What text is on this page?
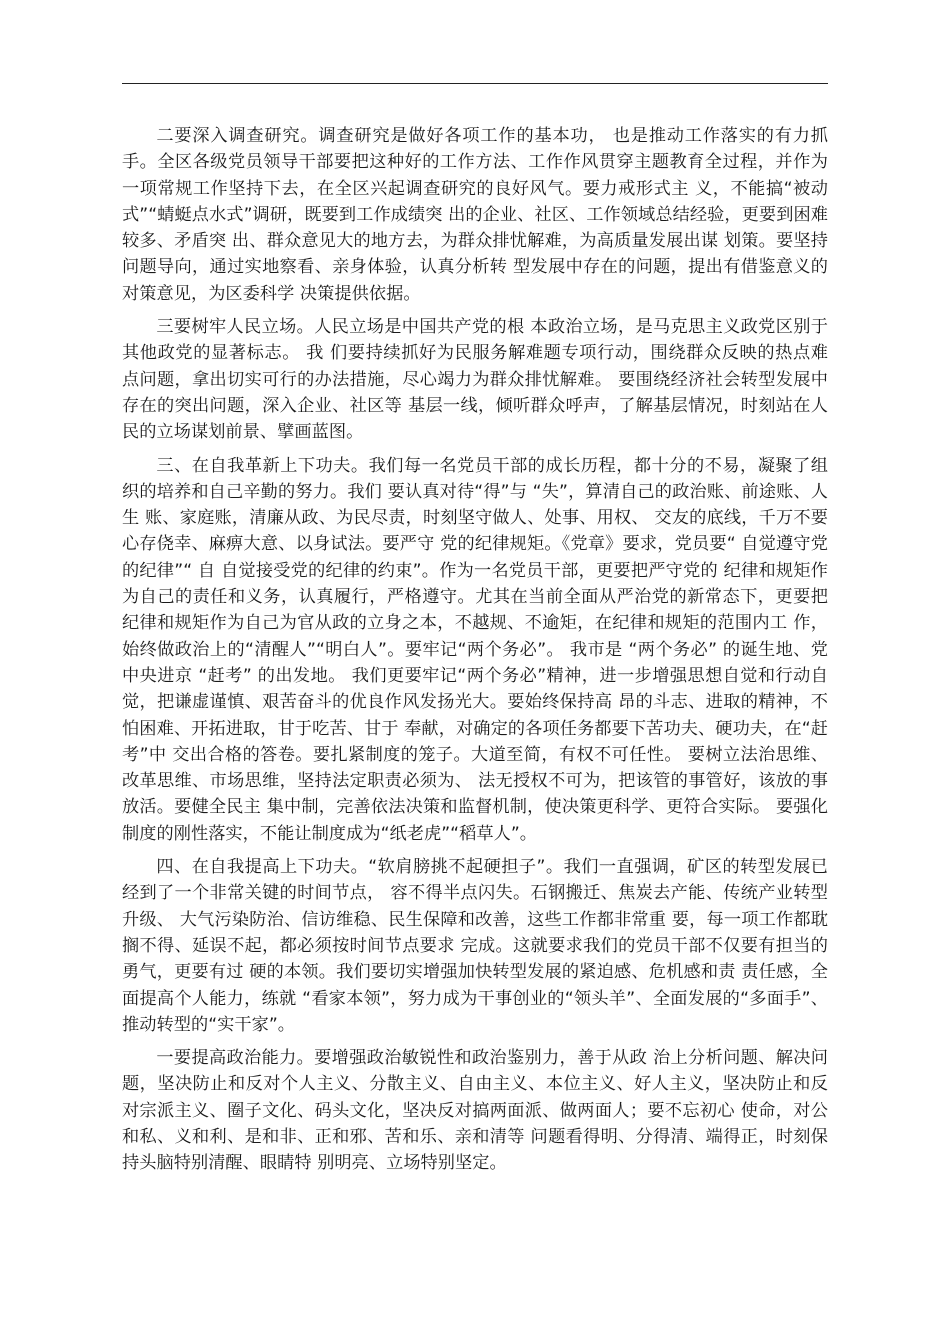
二要深入调查研究。调查研究是做好各项工作的基本功， 也是推动工作落实的有力抓手。全区各级党员领导干部要把这种好的工作方法、工作作风贯穿主题教育全过程，并作为一项常规工作坚持下去，在全区兴起调查研究的良好风气。要力戒形式主 义，不能搞“被动式”“蜻蜓点水式”调研，既要到工作成绩突 出的企业、社区、工作领域总结经验，更要到困难较多、矛盾突 出、群众意见大的地方去，为群众排忧解难，为高质量发展出谋 划策。要坚持问题导向，通过实地察看、亲身体验，认真分析转 型发展中存在的问题，提出有借鉴意义的对策意见，为区委科学 决策提供依据。

三要树牢人民立场。人民立场是中国共产党的根 本政治立场，是马克思主义政党区别于其他政党的显著标志。 我 们要持续抓好为民服务解难题专项行动，围绕群众反映的热点难 点问题，拿出切实可行的办法措施，尽心竭力为群众排忧解难。 要围绕经济社会转型发展中存在的突出问题，深入企业、社区等 基层一线，倾听群众呼声，了解基层情况，时刻站在人民的立场谋划前景、擘画蓝图。

三、在自我革新上下功夫。我们每一名党员干部的成长历程，都十分的不易，凝聚了组织的培养和自己辛勤的努力。我们 要认真对待“得”与 “失”，算清自己的政治账、前途账、人生 账、家庭账，清廉从政、为民尽责，时刻坚守做人、处事、用权、 交友的底线，千万不要心存侥幸、麻痹大意、以身试法。要严守 党的纪律规矩。《党章》要求，党员要“ 自觉遵守党的纪律”“ 自 自觉接受党的纪律的约束”。作为一名党员干部，更要把严守党的 纪律和规矩作为自己的责任和义务，认真履行，严格遵守。尤其在当前全面从严治党的新常态下，更要把纪律和规矩作为自己为官从政的立身之本，不越规、不逾矩，在纪律和规矩的范围内工 作，始终做政治上的“清醒人”“明白人”。要牢记“两个务必”。 我市是 “两个务必” 的诞生地、党中央进京 “赶考” 的出发地。 我们更要牢记“两个务必”精神，进一步增强思想自觉和行动自觉，把谦虚谨慎、艰苦奋斗的优良作风发扬光大。要始终保持高 昂的斗志、进取的精神，不怕困难、开拓进取，甘于吃苦、甘于 奉献，对确定的各项任务都要下苦功夫、硬功夫，在“赶考”中 交出合格的答卷。要扎紧制度的笼子。大道至简，有权不可任性。 要树立法治思维、 改革思维、市场思维，坚持法定职责必须为、 法无授权不可为，把该管的事管好，该放的事放活。要健全民主 集中制，完善依法决策和监督机制，使决策更科学、更符合实际。 要强化制度的刚性落实，不能让制度成为“纸老虎”“稻草人”。

四、在自我提高上下功夫。“软肩膀挑不起硬担子”。我们一直强调，矿区的转型发展已经到了一个非常关键的时间节点， 容不得半点闪失。石钢搬迁、焦炭去产能、传统产业转型升级、 大气污染防治、信访维稳、民生保障和改善，这些工作都非常重 要，每一项工作都耽搁不得、延误不起，都必须按时间节点要求 完成。这就要求我们的党员干部不仅要有担当的勇气，更要有过 硬的本领。我们要切实增强加快转型发展的紧迫感、危机感和责 责任感，全面提高个人能力，练就 “看家本领”，努力成为干事创业的“领头羊”、全面发展的“多面手”、推动转型的“实干家”。

一要提高政治能力。要增强政治敏锐性和政治鉴别力，善于从政 治上分析问题、解决问题，坚决防止和反对个人主义、分散主义、自由主义、本位主义、好人主义，坚决防止和反对宗派主义、圈子文化、码头文化，坚决反对搞两面派、做两面人；要不忘初心 使命，对公和私、义和利、是和非、正和邪、苦和乐、亲和清等 问题看得明、分得清、端得正，时刻保持头脑特别清醒、眼睛特 别明亮、立场特别坚定。
